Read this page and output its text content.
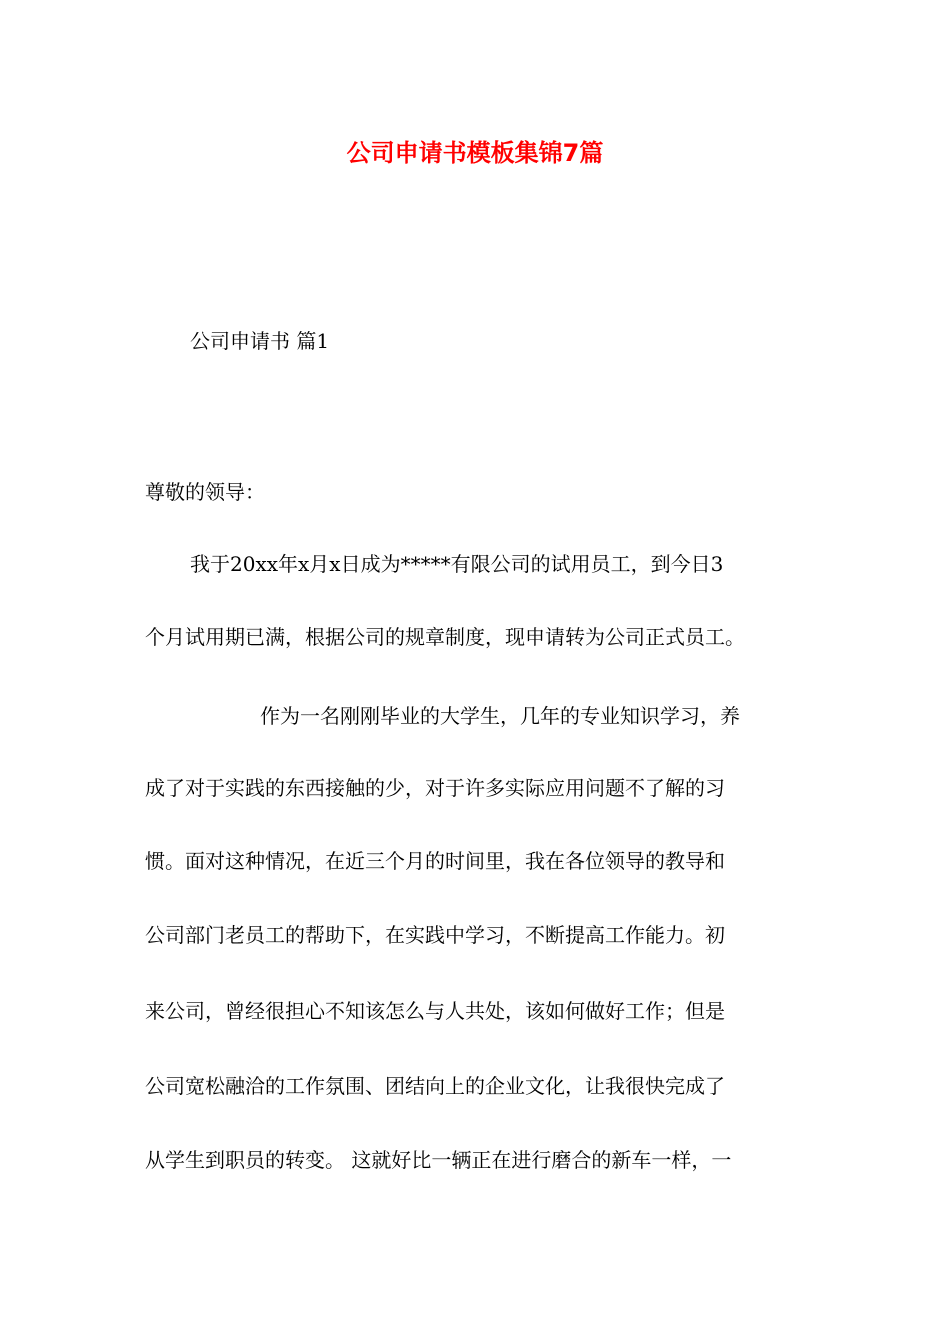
公司申请书模板集锦7篇
公司申请书 篇1
尊敬的领导：
我于20xx年x月x日成为*****有限公司的试用员工，到今日3
个月试用期已满，根据公司的规章制度，现申请转为公司正式员工。
作为一名刚刚毕业的大学生，几年的专业知识学习，养
成了对于实践的东西接触的少，对于许多实际应用问题不了解的习
惯。面对这种情况，在近三个月的时间里，我在各位领导的教导和
公司部门老员工的帮助下，在实践中学习，不断提高工作能力。初
来公司，曾经很担心不知该怎么与人共处，该如何做好工作；但是
公司宽松融洽的工作氛围、团结向上的企业文化，让我很快完成了
从学生到职员的转变。 这就好比一辆正在进行磨合的新车一样，一
